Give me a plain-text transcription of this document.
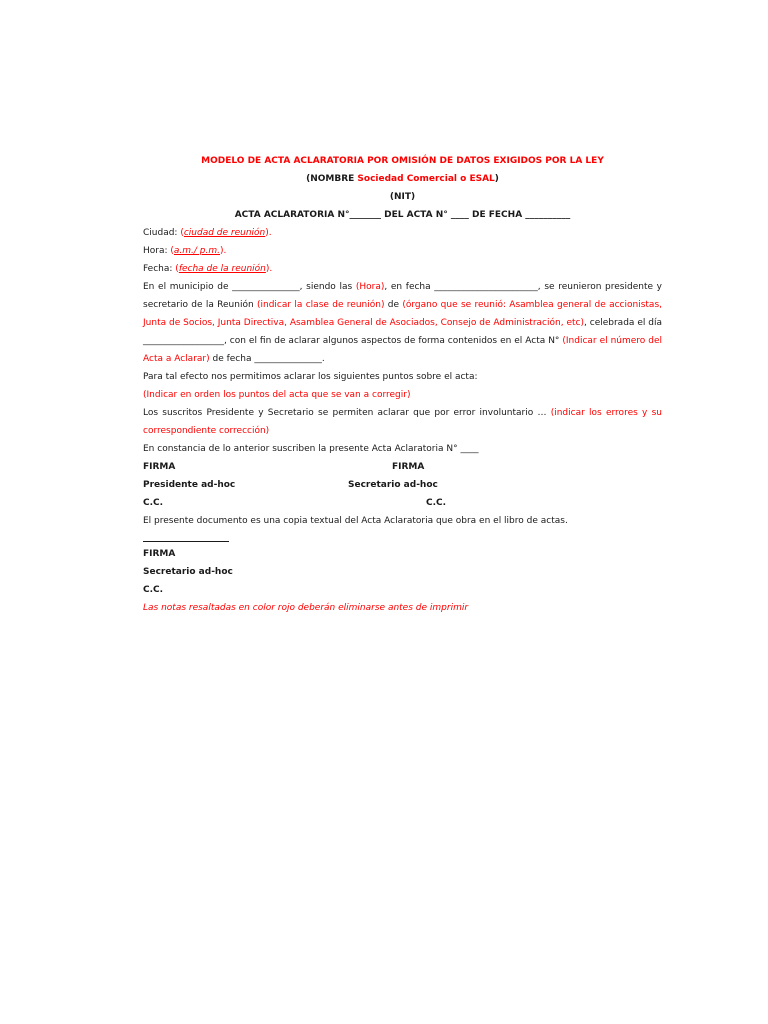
MODELO DE ACTA ACLARATORIA POR OMISIÓN DE DATOS EXIGIDOS POR LA LEY
(NOMBRE Sociedad Comercial o ESAL)
(NIT)
ACTA ACLARATORIA N°_______ DEL ACTA N° ____ DE FECHA __________
Ciudad: (ciudad de reunión).
Hora: (a.m./ p.m.).
Fecha: (fecha de la reunión).
En el municipio de _______________, siendo las (Hora), en fecha _______________________, se reunieron presidente y secretario de la Reunión (indicar la clase de reunión) de (órgano que se reunió: Asamblea general de accionistas, Junta de Socios, Junta Directiva, Asamblea General de Asociados, Consejo de Administración, etc), celebrada el día __________________, con el fin de aclarar algunos aspectos de forma contenidos en el Acta N° (Indicar el número del Acta a Aclarar) de fecha _______________.
Para tal efecto nos permitimos aclarar los siguientes puntos sobre el acta:
(Indicar en orden los puntos del acta que se van a corregir)
Los suscritos Presidente y Secretario se permiten aclarar que por error involuntario … (indicar los errores y su correspondiente corrección)
En constancia de lo anterior suscriben la presente Acta Aclaratoria N° ____
FIRMA	FIRMA
Presidente ad-hoc	Secretario ad-hoc
C.C.	C.C.
El presente documento es una copia textual del Acta Aclaratoria que obra en el libro de actas.
FIRMA
Secretario ad-hoc
C.C.
Las notas resaltadas en color rojo deberán eliminarse antes de imprimir
